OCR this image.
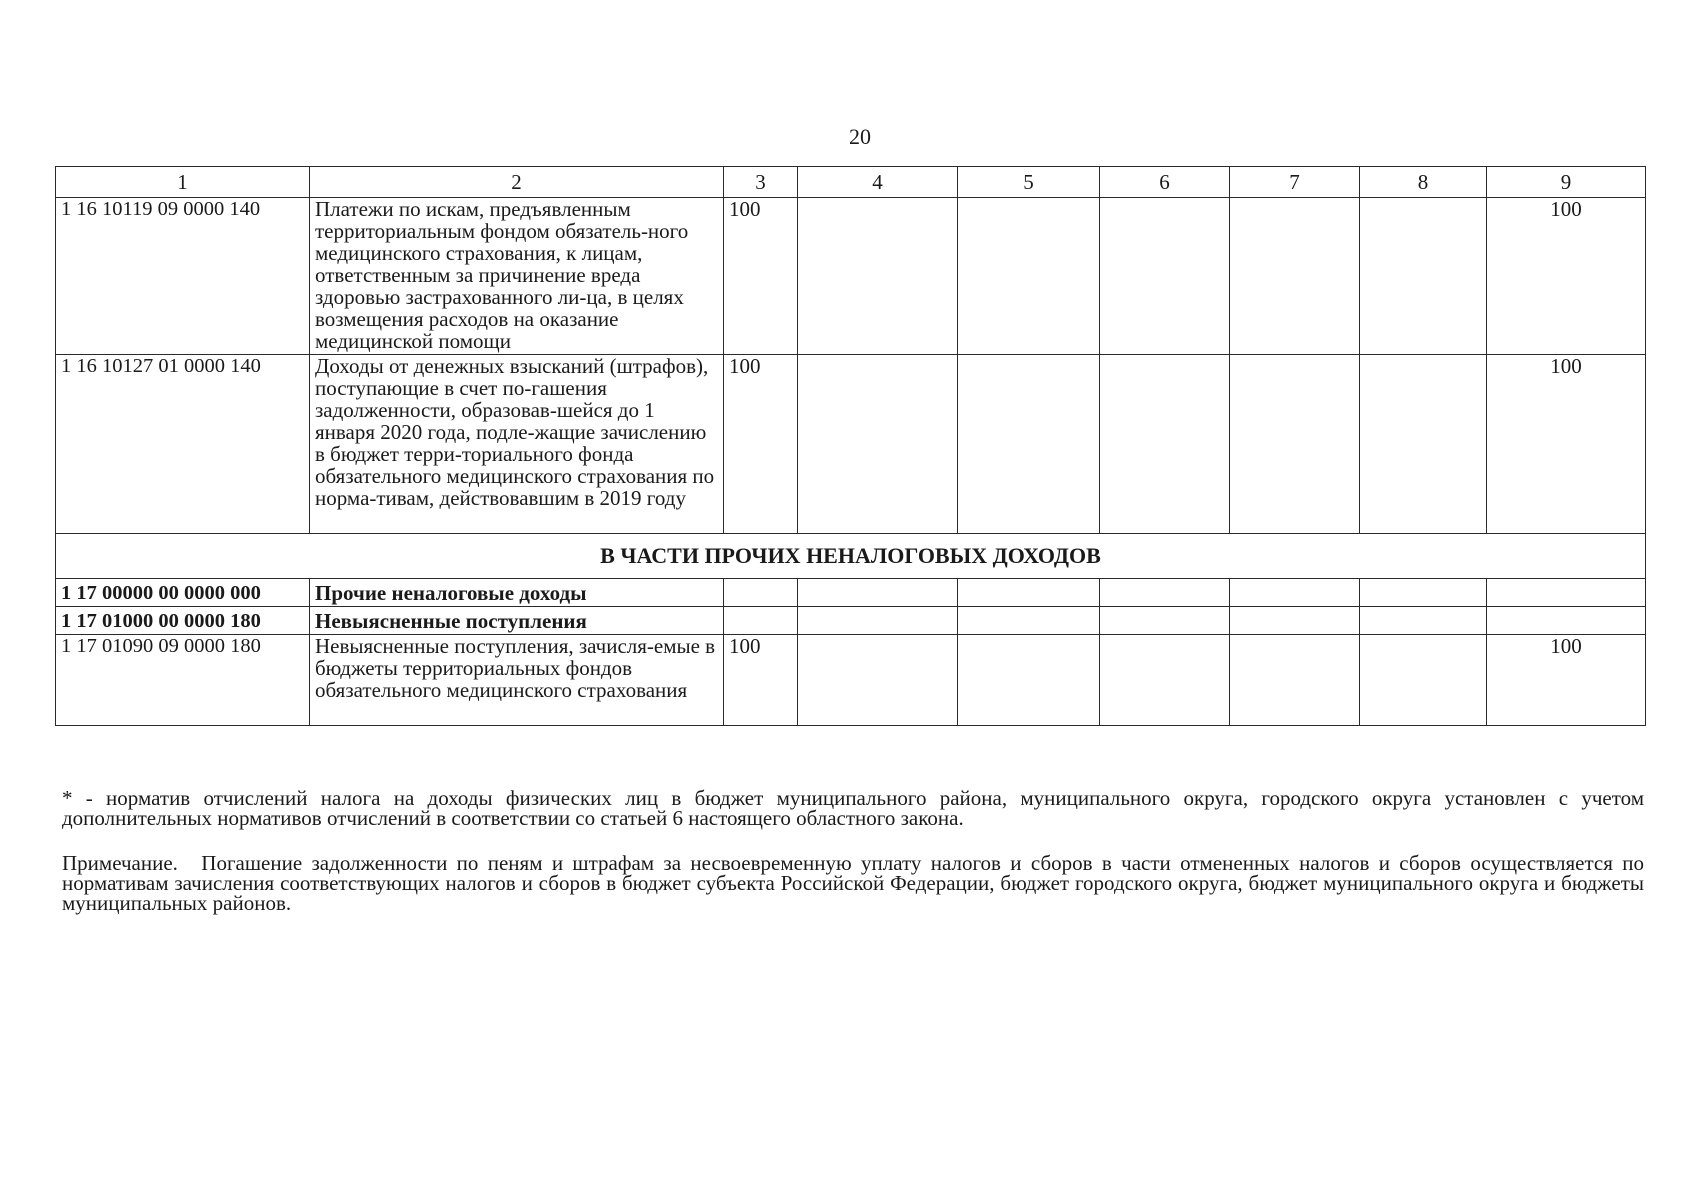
20
1	2	3	4	5	6	7	8	9
1 16 10119 09 0000 140	Платежи по искам, предъявленным территориальным фондом обязатель-ного медицинского страхования, к лицам, ответственным за причинение вреда здоровью застрахованного ли-ца, в целях возмещения расходов на оказание медицинской помощи	100						100
1 16 10127 01 0000 140	Доходы от денежных взысканий (штрафов), поступающие в счет по-гашения задолженности, образовав-шейся до 1 января 2020 года, подле-жащие зачислению в бюджет терри-ториального фонда обязательного медицинского страхования по норма-тивам, действовавшим в 2019 году	100						100
В ЧАСТИ ПРОЧИХ НЕНАЛОГОВЫХ ДОХОДОВ								
1 17 00000 00 0000 000	Прочие неналоговые доходы							
1 17 01000 00 0000 180	Невыясненные поступления							
1 17 01090 09 0000 180	Невыясненные поступления, зачисля-емые в бюджеты территориальных фондов обязательного медицинского страхования	100						100
* - норматив отчислений налога на доходы физических лиц в бюджет муниципального района, муниципального округа, городского округа установлен с учетом дополнительных нормативов отчислений в соответствии со статьей 6 настоящего областного закона.
Примечание. Погашение задолженности по пеням и штрафам за несвоевременную уплату налогов и сборов в части отмененных налогов и сборов осуществляется по нормативам зачисления соответствующих налогов и сборов в бюджет субъекта Российской Федерации, бюджет городского округа, бюджет муниципального округа и бюджеты муниципальных районов.
